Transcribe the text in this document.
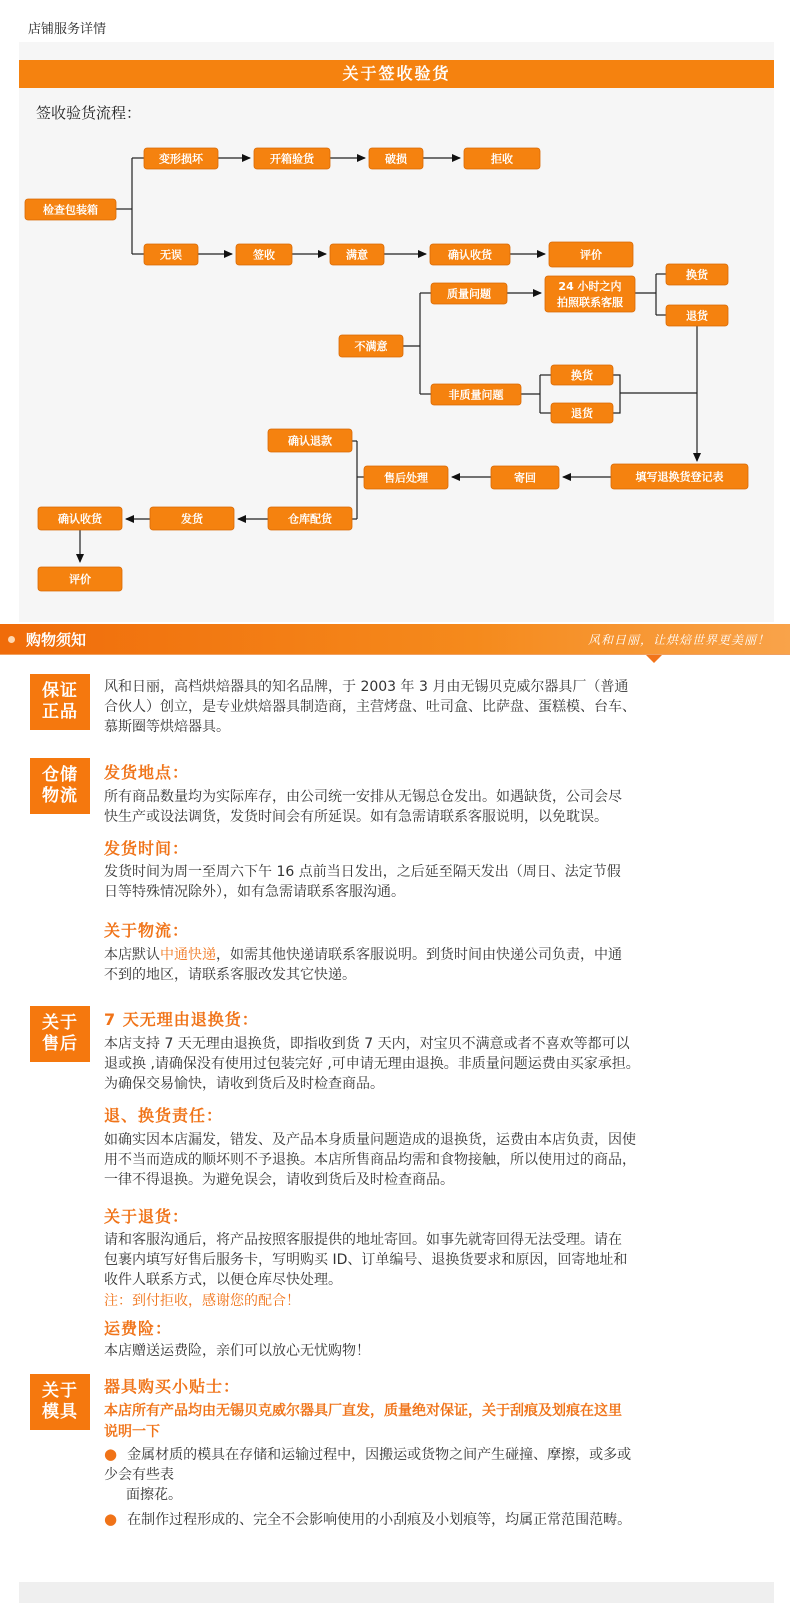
店铺服务详情
关于签收验货
签收验货流程：
检查包装箱
变形损坏	开箱验货	破损	拒收
无误	签收	满意	确认收货	评价
不满意
质量问题
24 小时之内
拍照联系客服
换货
退货
非质量问题
换货
退货
填写退换货登记表
寄回
售后处理
确认退款
仓库配货
发货
确认收货
评价
购物须知	风和日丽，让烘焙世界更美丽！
保证
正品
风和日丽，高档烘焙器具的知名品牌，于 2003 年 3 月由无锡贝克威尔器具厂（普通
合伙人）创立，是专业烘焙器具制造商，主营烤盘、吐司盒、比萨盘、蛋糕模、台车、
慕斯圈等烘焙器具。
仓储
物流
发货地点：
所有商品数量均为实际库存，由公司统一安排从无锡总仓发出。如遇缺货，公司会尽
快生产或设法调货，发货时间会有所延误。如有急需请联系客服说明，以免耽误。
发货时间：
发货时间为周一至周六下午 16 点前当日发出，之后延至隔天发出（周日、法定节假
日等特殊情况除外），如有急需请联系客服沟通。
关于物流：
本店默认中通快递，如需其他快递请联系客服说明。到货时间由快递公司负责，中通
不到的地区，请联系客服改发其它快递。
关于
售后
7 天无理由退换货：
本店支持 7 天无理由退换货，即指收到货 7 天内，对宝贝不满意或者不喜欢等都可以
退或换 ,请确保没有使用过包装完好 ,可申请无理由退换。非质量问题运费由买家承担。
为确保交易愉快，请收到货后及时检查商品。
退、换货责任：
如确实因本店漏发，错发、及产品本身质量问题造成的退换货，运费由本店负责，因使
用不当而造成的顺坏则不予退换。本店所售商品均需和食物接触，所以使用过的商品，
一律不得退换。为避免误会，请收到货后及时检查商品。
关于退货：
请和客服沟通后，将产品按照客服提供的地址寄回。如事先就寄回得无法受理。请在
包裹内填写好售后服务卡，写明购买 ID、订单编号、退换货要求和原因，回寄地址和
收件人联系方式，以便仓库尽快处理。
注：到付拒收，感谢您的配合！
运费险：
本店赠送运费险，亲们可以放心无忧购物！
关于
模具
器具购买小贴士：
本店所有产品均由无锡贝克威尔器具厂直发，质量绝对保证，关于刮痕及划痕在这里
说明一下
● 金属材质的模具在存储和运输过程中，因搬运或货物之间产生碰撞、摩擦，或多或
少会有些表
面擦花。
● 在制作过程形成的、完全不会影响使用的小刮痕及小划痕等，均属正常范围范畴。
